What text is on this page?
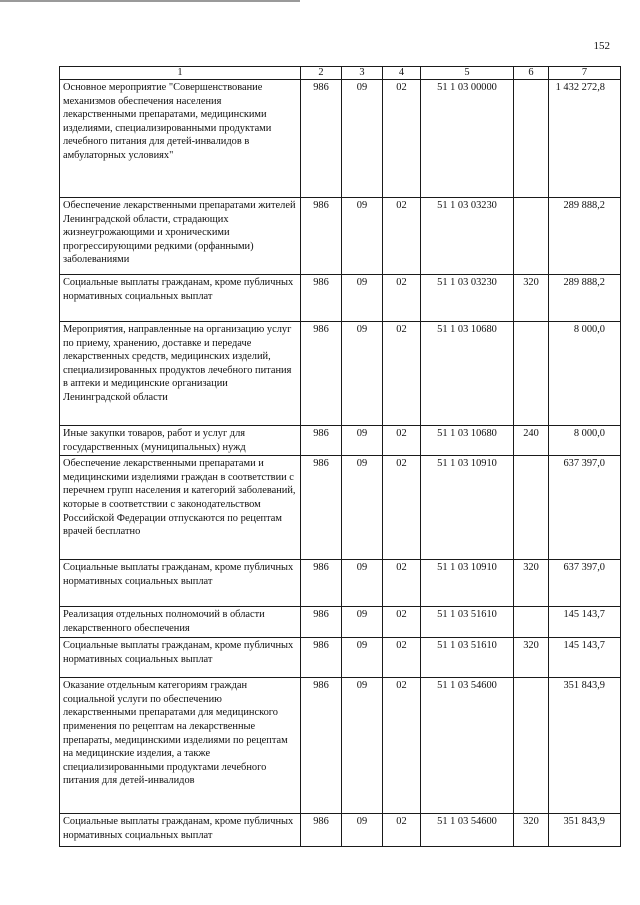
152
1	2	3	4	5	6	7
Основное мероприятие "Совершенствование механизмов обеспечения населения лекарственными препаратами, медицинскими изделиями, специализированными продуктами лечебного питания для детей-инвалидов в амбулаторных условиях"	986	09	02	51 1 03 00000		1 432 272,8
Обеспечение лекарственными препаратами жителей Ленинградской области, страдающих жизнеугрожающими и хроническими прогрессирующими редкими (орфанными) заболеваниями	986	09	02	51 1 03 03230		289 888,2
Социальные выплаты гражданам, кроме публичных нормативных социальных выплат	986	09	02	51 1 03 03230	320	289 888,2
Мероприятия, направленные на организацию услуг по приему, хранению, доставке и передаче лекарственных средств, медицинских изделий, специализированных продуктов лечебного питания в аптеки и медицинские организации Ленинградской области	986	09	02	51 1 03 10680		8 000,0
Иные закупки товаров, работ и услуг для государственных (муниципальных) нужд	986	09	02	51 1 03 10680	240	8 000,0
Обеспечение лекарственными препаратами и медицинскими изделиями граждан в соответствии с перечнем групп населения и категорий заболеваний, которые в соответствии с законодательством Российской Федерации отпускаются по рецептам врачей бесплатно	986	09	02	51 1 03 10910		637 397,0
Социальные выплаты гражданам, кроме публичных нормативных социальных выплат	986	09	02	51 1 03 10910	320	637 397,0
Реализация отдельных полномочий в области лекарственного обеспечения	986	09	02	51 1 03 51610		145 143,7
Социальные выплаты гражданам, кроме публичных нормативных социальных выплат	986	09	02	51 1 03 51610	320	145 143,7
Оказание отдельным категориям граждан социальной услуги по обеспечению лекарственными препаратами для медицинского применения по рецептам на лекарственные препараты, медицинскими изделиями по рецептам на медицинские изделия, а также специализированными продуктами лечебного питания для детей-инвалидов	986	09	02	51 1 03 54600		351 843,9
Социальные выплаты гражданам, кроме публичных нормативных социальных выплат	986	09	02	51 1 03 54600	320	351 843,9
